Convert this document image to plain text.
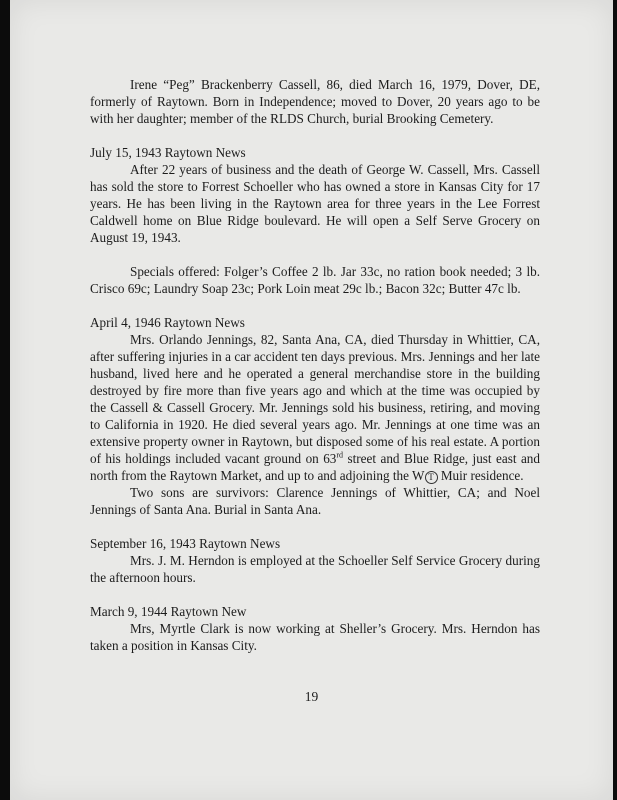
Irene “Peg” Brackenberry Cassell, 86, died March 16, 1979, Dover, DE, formerly of Raytown. Born in Independence; moved to Dover, 20 years ago to be with her daughter; member of the RLDS Church, burial Brooking Cemetery.

July 15, 1943 Raytown News

After 22 years of business and the death of George W. Cassell, Mrs. Cassell has sold the store to Forrest Schoeller who has owned a store in Kansas City for 17 years. He has been living in the Raytown area for three years in the Lee Forrest Caldwell home on Blue Ridge boulevard. He will open a Self Serve Grocery on August 19, 1943.

Specials offered: Folger’s Coffee 2 lb. Jar 33c, no ration book needed; 3 lb. Crisco 69c; Laundry Soap 23c; Pork Loin meat 29c lb.; Bacon 32c; Butter 47c lb.

April 4, 1946 Raytown News

Mrs. Orlando Jennings, 82, Santa Ana, CA, died Thursday in Whittier, CA, after suffering injuries in a car accident ten days previous. Mrs. Jennings and her late husband, lived here and he operated a general merchandise store in the building destroyed by fire more than five years ago and which at the time was occupied by the Cassell & Cassell Grocery. Mr. Jennings sold his business, retiring, and moving to California in 1920. He died several years ago. Mr. Jennings at one time was an extensive property owner in Raytown, but disposed some of his real estate. A portion of his holdings included vacant ground on 63rd street and Blue Ridge, just east and north from the Raytown Market, and up to and adjoining the W T Muir residence.

Two sons are survivors: Clarence Jennings of Whittier, CA; and Noel Jennings of Santa Ana. Burial in Santa Ana.

September 16, 1943 Raytown News

Mrs. J. M. Herndon is employed at the Schoeller Self Service Grocery during the afternoon hours.

March 9, 1944 Raytown New

Mrs, Myrtle Clark is now working at Sheller’s Grocery. Mrs. Herndon has taken a position in Kansas City.

19
